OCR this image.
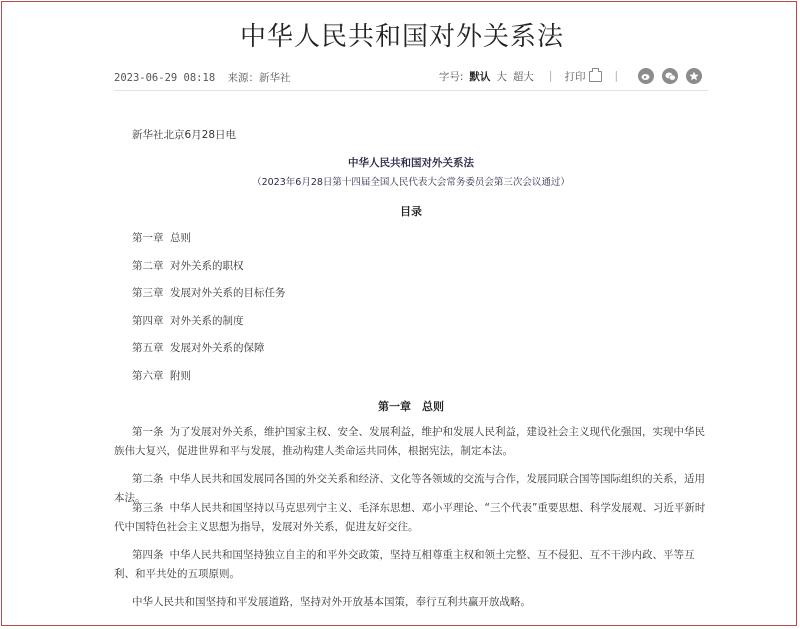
中华人民共和国对外关系法
2023-06-29 08:18 来源：新华社	字号: 默认 大 超大 | 打印	|
新华社北京6月28日电
中华人民共和国对外关系法
（2023年6月28日第十四届全国人民代表大会常务委员会第三次会议通过）
目录
第一章 总则
第二章 对外关系的职权
第三章 发展对外关系的目标任务
第四章 对外关系的制度
第五章 发展对外关系的保障
第六章 附则
第一章　总则
第一条 为了发展对外关系，维护国家主权、安全、发展利益，维护和发展人民利益，建设社会主义现代化强国，实现中华民族伟大复兴，促进世界和平与发展，推动构建人类命运共同体，根据宪法，制定本法。
第二条 中华人民共和国发展同各国的外交关系和经济、文化等各领域的交流与合作，发展同联合国等国际组织的关系，适用本法。
第三条 中华人民共和国坚持以马克思列宁主义、毛泽东思想、邓小平理论、“三个代表”重要思想、科学发展观、习近平新时代中国特色社会主义思想为指导，发展对外关系，促进友好交往。
第四条 中华人民共和国坚持独立自主的和平外交政策，坚持互相尊重主权和领土完整、互不侵犯、互不干涉内政、平等互利、和平共处的五项原则。
中华人民共和国坚持和平发展道路，坚持对外开放基本国策，奉行互利共赢开放战略。
